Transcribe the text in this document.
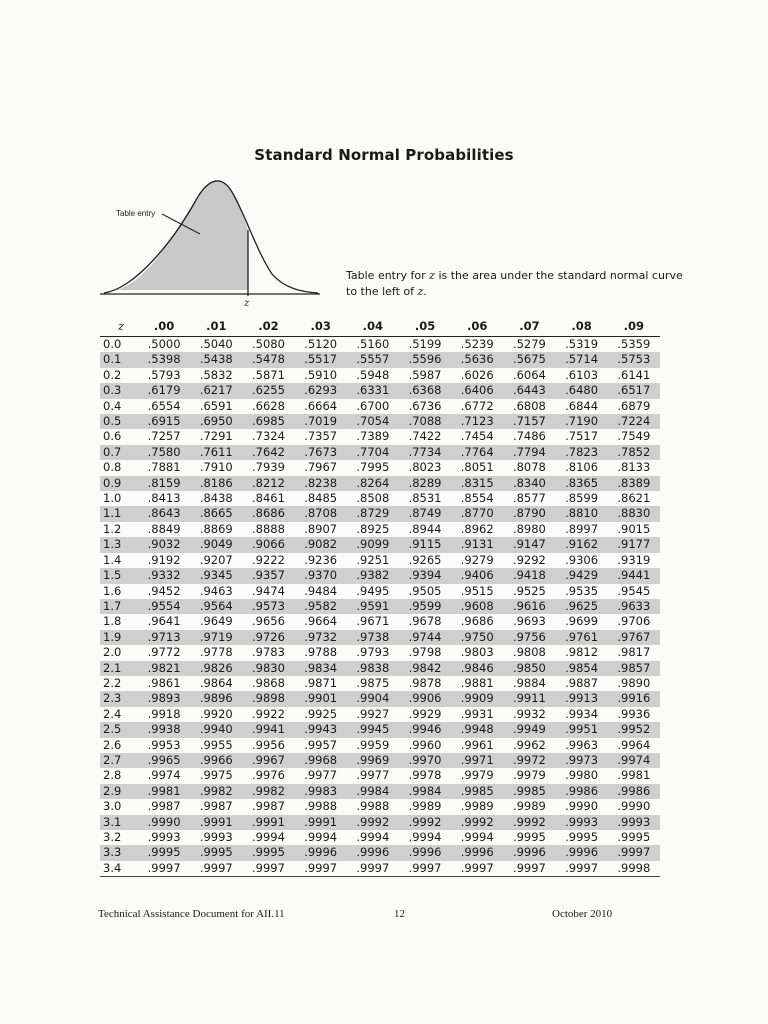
Standard Normal Probabilities
Table entry
z
Table entry for z is the area under the standard normal curve to the left of z.
z	.00	.01	.02	.03	.04	.05	.06	.07	.08	.09
0.0	.5000	.5040	.5080	.5120	.5160	.5199	.5239	.5279	.5319	.5359
0.1	.5398	.5438	.5478	.5517	.5557	.5596	.5636	.5675	.5714	.5753
0.2	.5793	.5832	.5871	.5910	.5948	.5987	.6026	.6064	.6103	.6141
0.3	.6179	.6217	.6255	.6293	.6331	.6368	.6406	.6443	.6480	.6517
0.4	.6554	.6591	.6628	.6664	.6700	.6736	.6772	.6808	.6844	.6879
0.5	.6915	.6950	.6985	.7019	.7054	.7088	.7123	.7157	.7190	.7224
0.6	.7257	.7291	.7324	.7357	.7389	.7422	.7454	.7486	.7517	.7549
0.7	.7580	.7611	.7642	.7673	.7704	.7734	.7764	.7794	.7823	.7852
0.8	.7881	.7910	.7939	.7967	.7995	.8023	.8051	.8078	.8106	.8133
0.9	.8159	.8186	.8212	.8238	.8264	.8289	.8315	.8340	.8365	.8389
1.0	.8413	.8438	.8461	.8485	.8508	.8531	.8554	.8577	.8599	.8621
1.1	.8643	.8665	.8686	.8708	.8729	.8749	.8770	.8790	.8810	.8830
1.2	.8849	.8869	.8888	.8907	.8925	.8944	.8962	.8980	.8997	.9015
1.3	.9032	.9049	.9066	.9082	.9099	.9115	.9131	.9147	.9162	.9177
1.4	.9192	.9207	.9222	.9236	.9251	.9265	.9279	.9292	.9306	.9319
1.5	.9332	.9345	.9357	.9370	.9382	.9394	.9406	.9418	.9429	.9441
1.6	.9452	.9463	.9474	.9484	.9495	.9505	.9515	.9525	.9535	.9545
1.7	.9554	.9564	.9573	.9582	.9591	.9599	.9608	.9616	.9625	.9633
1.8	.9641	.9649	.9656	.9664	.9671	.9678	.9686	.9693	.9699	.9706
1.9	.9713	.9719	.9726	.9732	.9738	.9744	.9750	.9756	.9761	.9767
2.0	.9772	.9778	.9783	.9788	.9793	.9798	.9803	.9808	.9812	.9817
2.1	.9821	.9826	.9830	.9834	.9838	.9842	.9846	.9850	.9854	.9857
2.2	.9861	.9864	.9868	.9871	.9875	.9878	.9881	.9884	.9887	.9890
2.3	.9893	.9896	.9898	.9901	.9904	.9906	.9909	.9911	.9913	.9916
2.4	.9918	.9920	.9922	.9925	.9927	.9929	.9931	.9932	.9934	.9936
2.5	.9938	.9940	.9941	.9943	.9945	.9946	.9948	.9949	.9951	.9952
2.6	.9953	.9955	.9956	.9957	.9959	.9960	.9961	.9962	.9963	.9964
2.7	.9965	.9966	.9967	.9968	.9969	.9970	.9971	.9972	.9973	.9974
2.8	.9974	.9975	.9976	.9977	.9977	.9978	.9979	.9979	.9980	.9981
2.9	.9981	.9982	.9982	.9983	.9984	.9984	.9985	.9985	.9986	.9986
3.0	.9987	.9987	.9987	.9988	.9988	.9989	.9989	.9989	.9990	.9990
3.1	.9990	.9991	.9991	.9991	.9992	.9992	.9992	.9992	.9993	.9993
3.2	.9993	.9993	.9994	.9994	.9994	.9994	.9994	.9995	.9995	.9995
3.3	.9995	.9995	.9995	.9996	.9996	.9996	.9996	.9996	.9996	.9997
3.4	.9997	.9997	.9997	.9997	.9997	.9997	.9997	.9997	.9997	.9998
Technical Assistance Document for AII.11	12	October 2010
